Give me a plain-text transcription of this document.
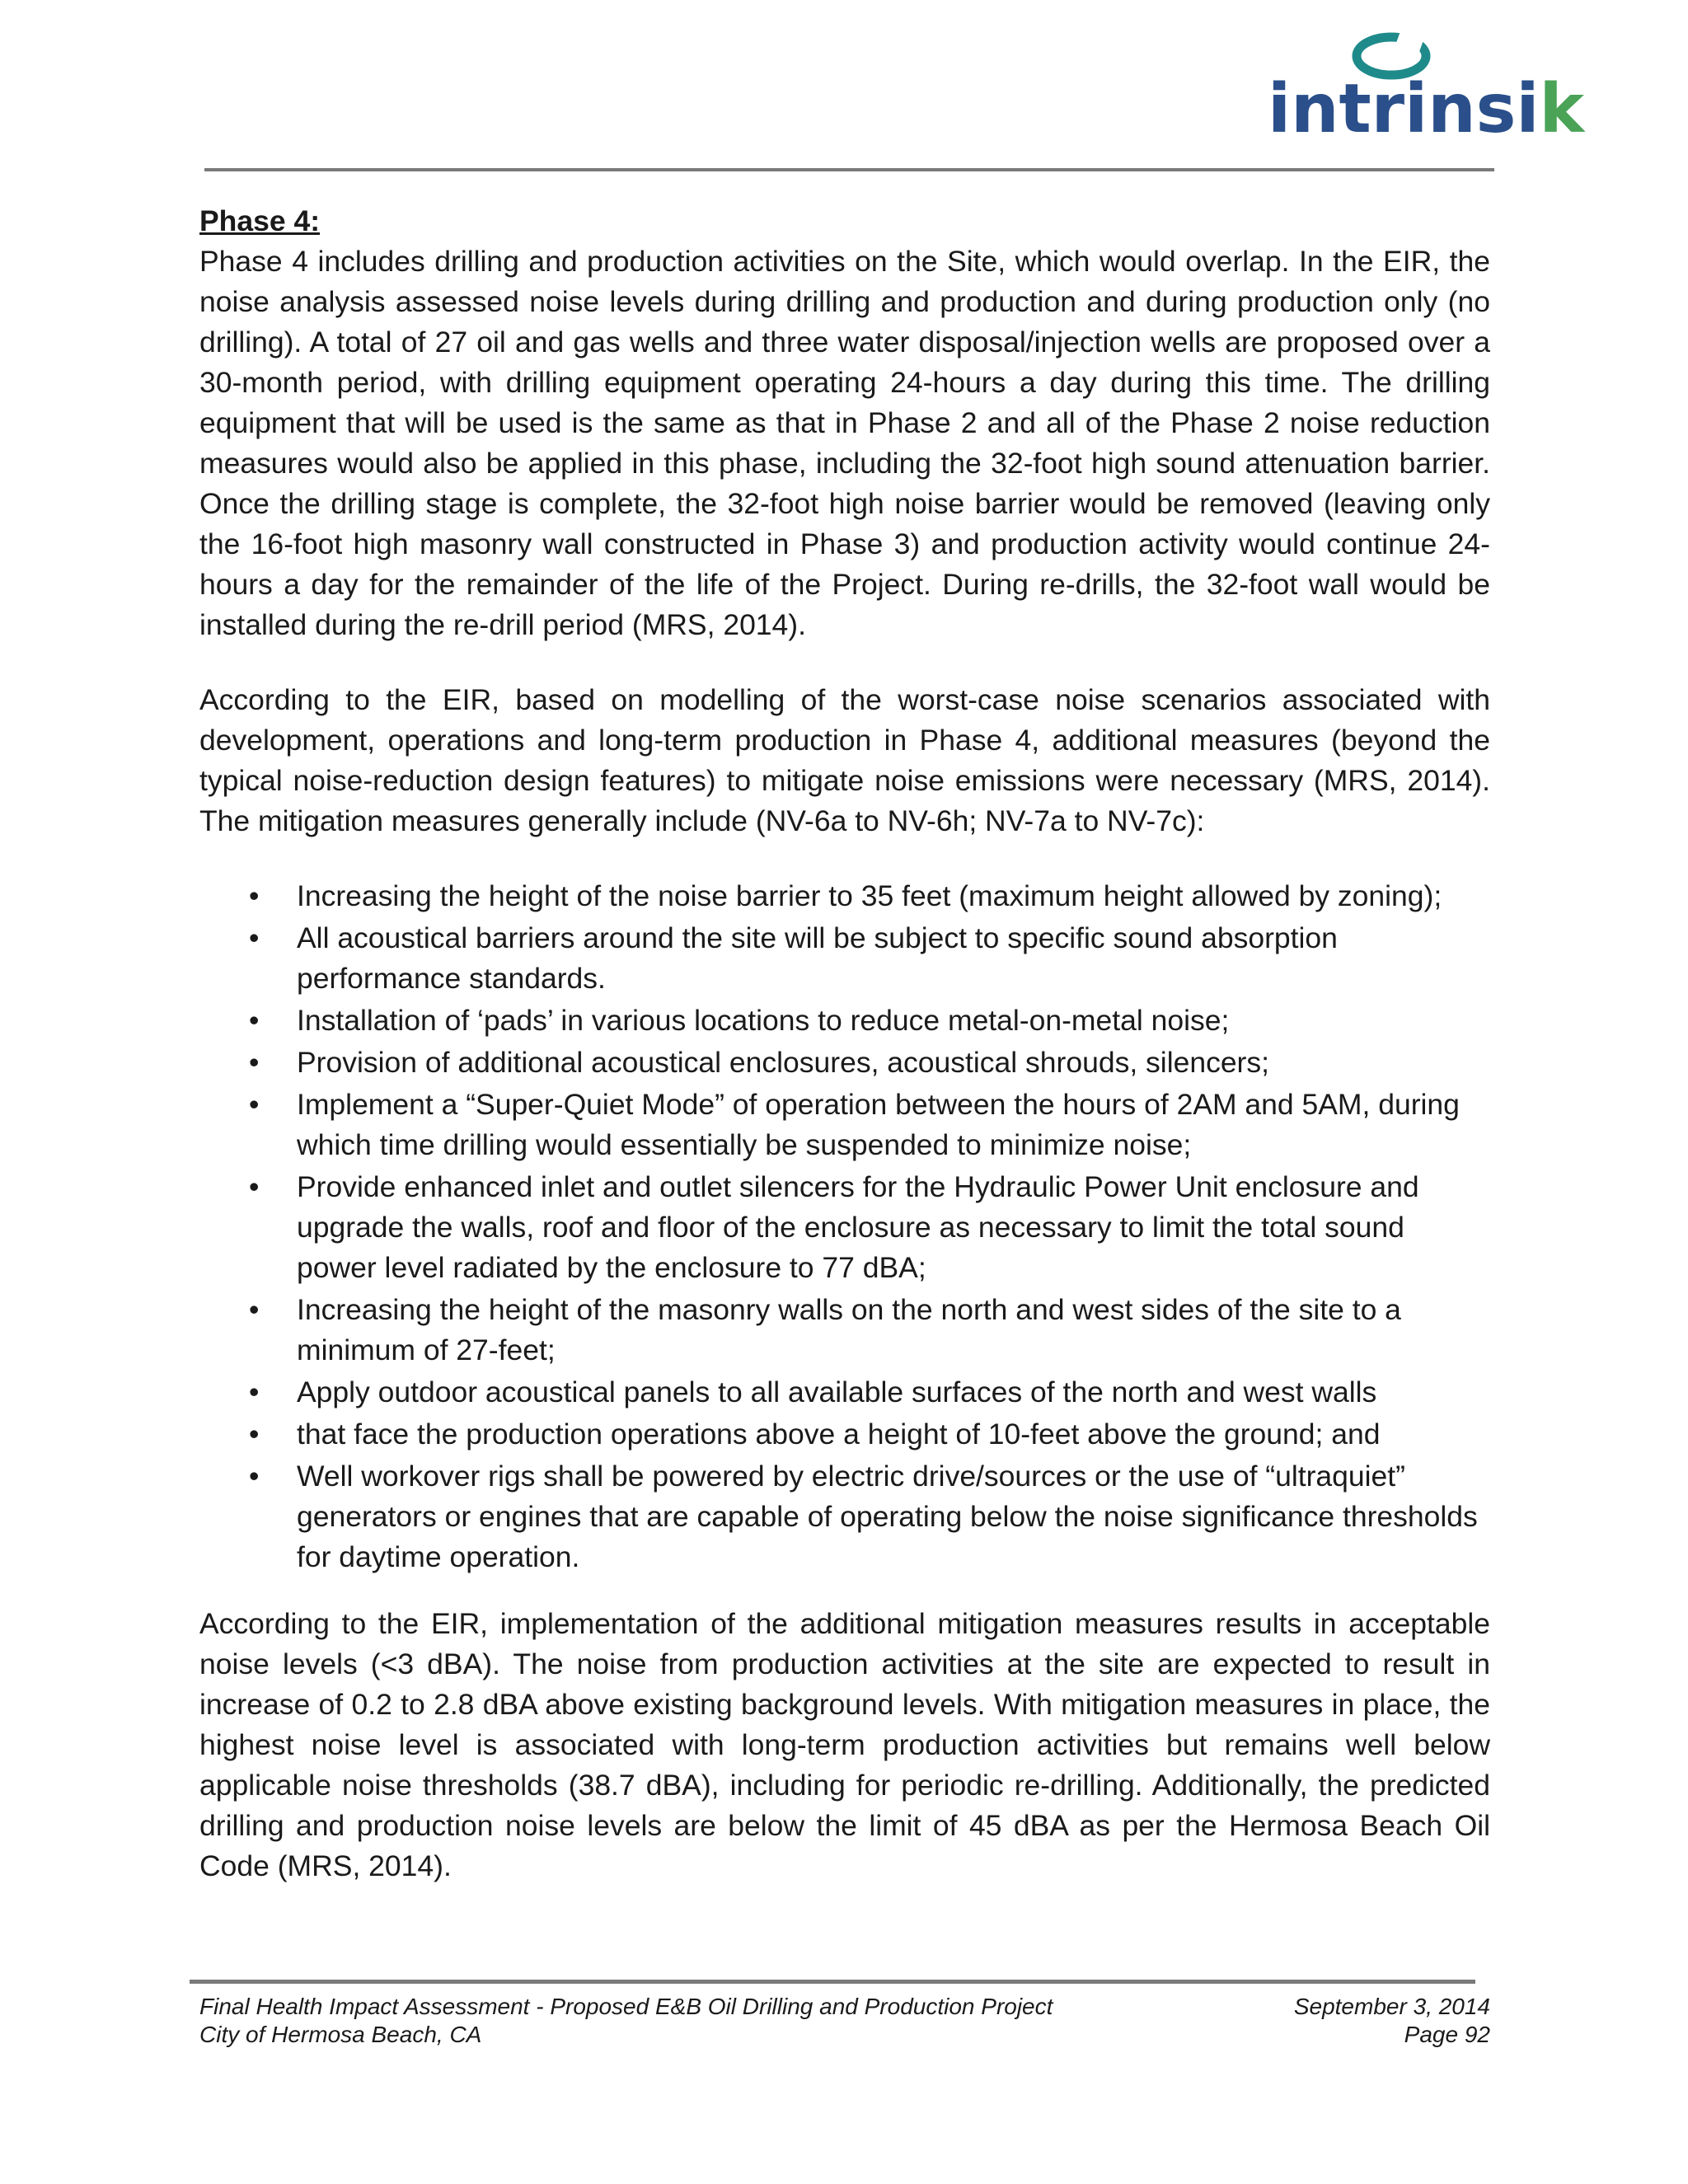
intrinsik

Phase 4:

Phase 4 includes drilling and production activities on the Site, which would overlap. In the EIR, the noise analysis assessed noise levels during drilling and production and during production only (no drilling). A total of 27 oil and gas wells and three water disposal/injection wells are proposed over a 30-month period, with drilling equipment operating 24-hours a day during this time. The drilling equipment that will be used is the same as that in Phase 2 and all of the Phase 2 noise reduction measures would also be applied in this phase, including the 32-foot high sound attenuation barrier. Once the drilling stage is complete, the 32-foot high noise barrier would be removed (leaving only the 16-foot high masonry wall constructed in Phase 3) and production activity would continue 24-hours a day for the remainder of the life of the Project. During re-drills, the 32-foot wall would be installed during the re-drill period (MRS, 2014).

According to the EIR, based on modelling of the worst-case noise scenarios associated with development, operations and long-term production in Phase 4, additional measures (beyond the typical noise-reduction design features) to mitigate noise emissions were necessary (MRS, 2014). The mitigation measures generally include (NV-6a to NV-6h; NV-7a to NV-7c):

• Increasing the height of the noise barrier to 35 feet (maximum height allowed by zoning);
• All acoustical barriers around the site will be subject to specific sound absorption performance standards.
• Installation of ‘pads’ in various locations to reduce metal-on-metal noise;
• Provision of additional acoustical enclosures, acoustical shrouds, silencers;
• Implement a “Super-Quiet Mode” of operation between the hours of 2AM and 5AM, during which time drilling would essentially be suspended to minimize noise;
• Provide enhanced inlet and outlet silencers for the Hydraulic Power Unit enclosure and upgrade the walls, roof and floor of the enclosure as necessary to limit the total sound power level radiated by the enclosure to 77 dBA;
• Increasing the height of the masonry walls on the north and west sides of the site to a minimum of 27-feet;
• Apply outdoor acoustical panels to all available surfaces of the north and west walls
• that face the production operations above a height of 10-feet above the ground; and
• Well workover rigs shall be powered by electric drive/sources or the use of “ultraquiet” generators or engines that are capable of operating below the noise significance thresholds for daytime operation.

According to the EIR, implementation of the additional mitigation measures results in acceptable noise levels (<3 dBA). The noise from production activities at the site are expected to result in increase of 0.2 to 2.8 dBA above existing background levels. With mitigation measures in place, the highest noise level is associated with long-term production activities but remains well below applicable noise thresholds (38.7 dBA), including for periodic re-drilling. Additionally, the predicted drilling and production noise levels are below the limit of 45 dBA as per the Hermosa Beach Oil Code (MRS, 2014).

Final Health Impact Assessment - Proposed E&B Oil Drilling and Production Project	September 3, 2014
City of Hermosa Beach, CA	Page 92
